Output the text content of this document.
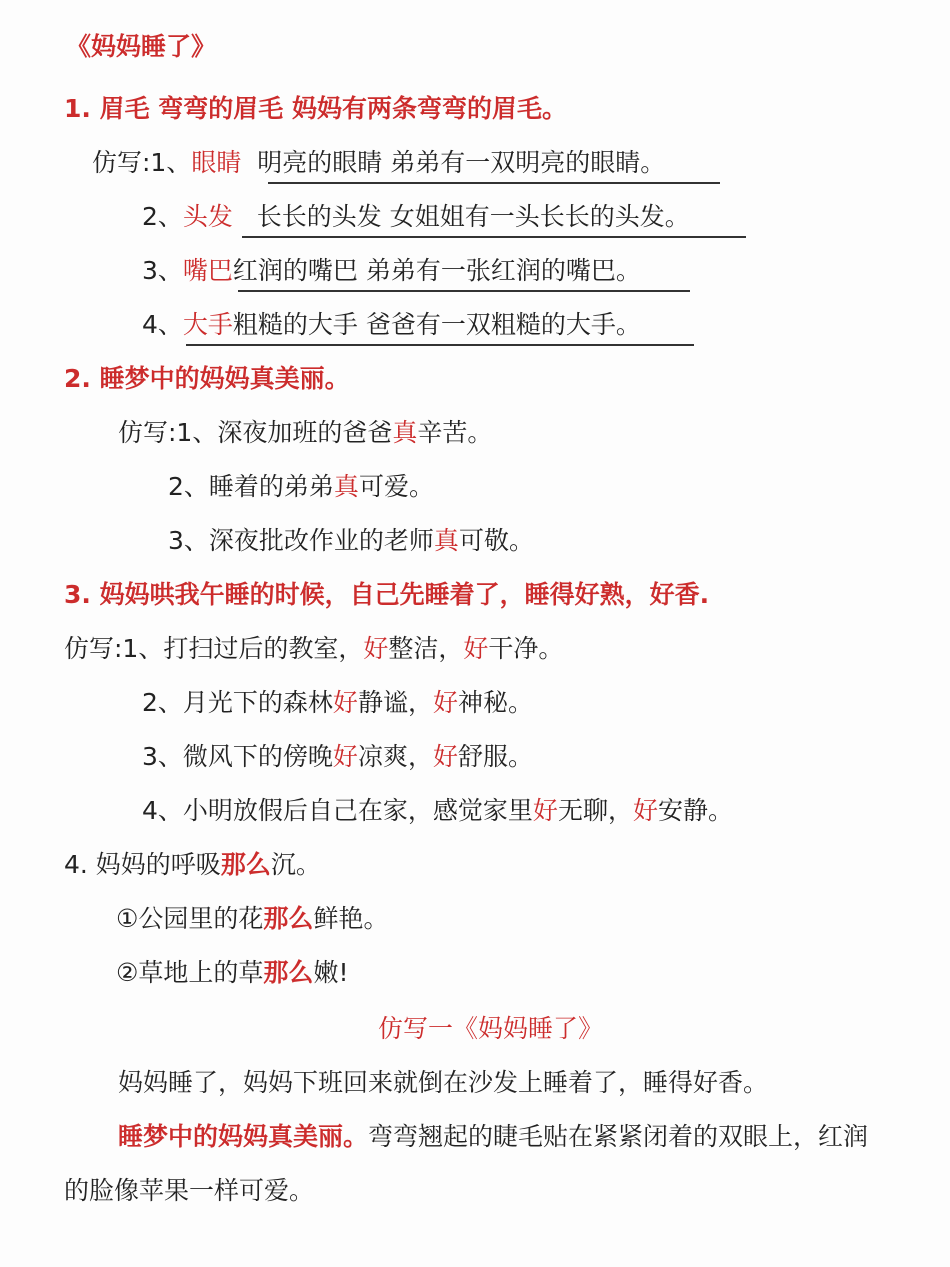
《妈妈睡了》
1. 眉毛 弯弯的眉毛 妈妈有两条弯弯的眉毛。
仿写:1、眼睛 明亮的眼睛 弟弟有一双明亮的眼睛。
2、头发 长长的头发 女姐姐有一头长长的头发。
3、嘴巴红润的嘴巴 弟弟有一张红润的嘴巴。
4、大手粗糙的大手 爸爸有一双粗糙的大手。
2. 睡梦中的妈妈真美丽。
仿写:1、深夜加班的爸爸真辛苦。
2、睡着的弟弟真可爱。
3、深夜批改作业的老师真可敬。
3. 妈妈哄我午睡的时候，自己先睡着了，睡得好熟，好香.
仿写:1、打扫过后的教室，好整洁，好干净。
2、月光下的森林好静谧，好神秘。
3、微风下的傍晚好凉爽，好舒服。
4、小明放假后自己在家，感觉家里好无聊，好安静。
4. 妈妈的呼吸那么沉。
①公园里的花那么鲜艳。
②草地上的草那么嫩!
仿写一《妈妈睡了》
妈妈睡了，妈妈下班回来就倒在沙发上睡着了，睡得好香。
睡梦中的妈妈真美丽。弯弯翘起的睫毛贴在紧紧闭着的双眼上，红润
的脸像苹果一样可爱。
